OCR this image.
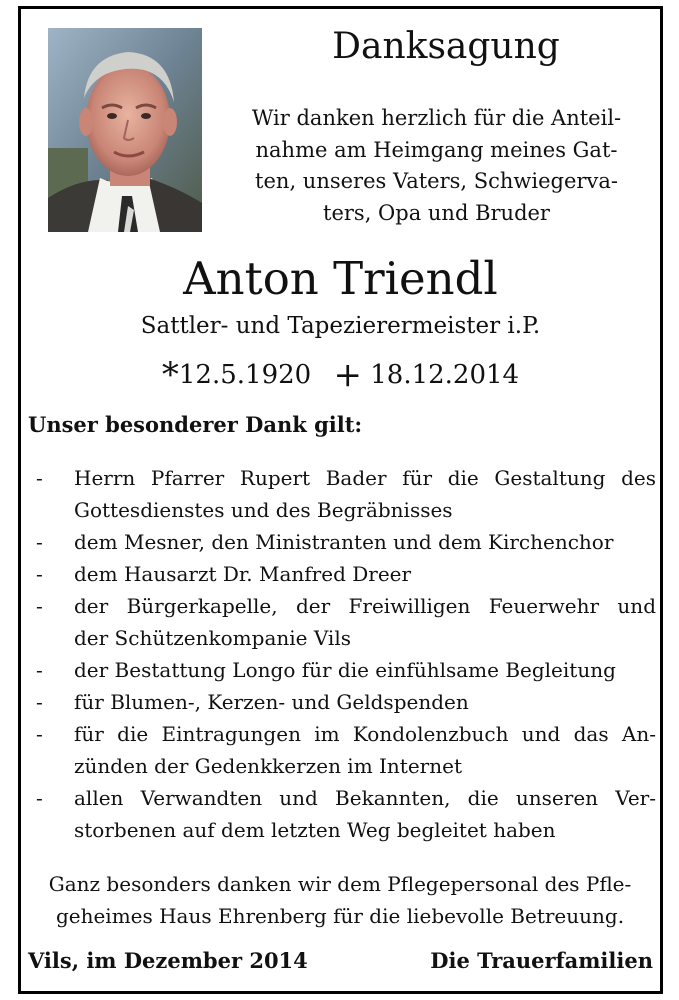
Danksagung
Wir danken herzlich für die Anteil-
nahme am Heimgang meines Gat-
ten, unseres Vaters, Schwiegerva-
ters, Opa und Bruder
Anton Triendl
Sattler- und Tapezierermeister i.P.
*12.5.1920 + 18.12.2014
Unser besonderer Dank gilt:
-	Herrn Pfarrer Rupert Bader für die Gestaltung des
Gottesdienstes und des Begräbnisses
-	dem Mesner, den Ministranten und dem Kirchenchor
-	dem Hausarzt Dr. Manfred Dreer
-	der Bürgerkapelle, der Freiwilligen Feuerwehr und
der Schützenkompanie Vils
-	der Bestattung Longo für die einfühlsame Begleitung
-	für Blumen-, Kerzen- und Geldspenden
-	für die Eintragungen im Kondolenzbuch und das An-
zünden der Gedenkkerzen im Internet
-	allen Verwandten und Bekannten, die unseren Ver-
storbenen auf dem letzten Weg begleitet haben
Ganz besonders danken wir dem Pflegepersonal des Pfle-
geheimes Haus Ehrenberg für die liebevolle Betreuung.
Vils, im Dezember 2014	Die Trauerfamilien
